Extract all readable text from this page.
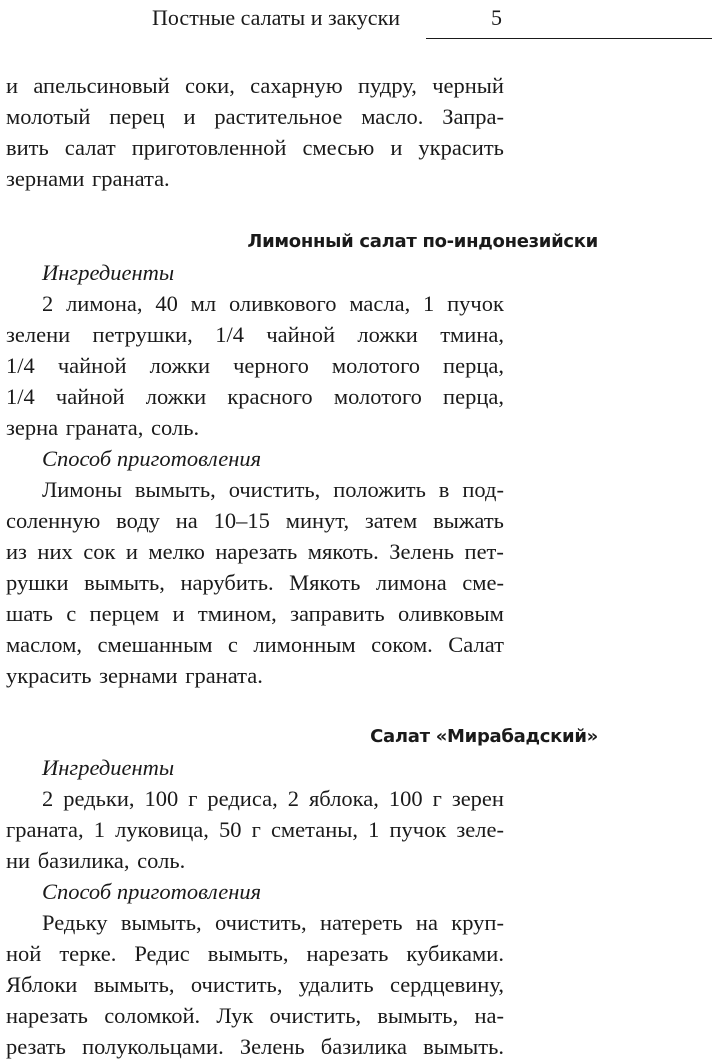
Постные салаты и закуски	5
и апельсиновый соки, сахарную пудру, черный
молотый перец и растительное масло. Запра-
вить салат приготовленной смесью и украсить
зернами граната.
Лимонный салат по-индонезийски
Ингредиенты
2 лимона, 40 мл оливкового масла, 1 пучок
зелени петрушки, 1/4 чайной ложки тмина,
1/4 чайной ложки черного молотого перца,
1/4 чайной ложки красного молотого перца,
зерна граната, соль.
Способ приготовления
Лимоны вымыть, очистить, положить в под-
соленную воду на 10–15 минут, затем выжать
из них сок и мелко нарезать мякоть. Зелень пет-
рушки вымыть, нарубить. Мякоть лимона сме-
шать с перцем и тмином, заправить оливковым
маслом, смешанным с лимонным соком. Салат
украсить зернами граната.
Салат «Мирабадский»
Ингредиенты
2 редьки, 100 г редиса, 2 яблока, 100 г зерен
граната, 1 луковица, 50 г сметаны, 1 пучок зеле-
ни базилика, соль.
Способ приготовления
Редьку вымыть, очистить, натереть на круп-
ной терке. Редис вымыть, нарезать кубиками.
Яблоки вымыть, очистить, удалить сердцевину,
нарезать соломкой. Лук очистить, вымыть, на-
резать полукольцами. Зелень базилика вымыть.
